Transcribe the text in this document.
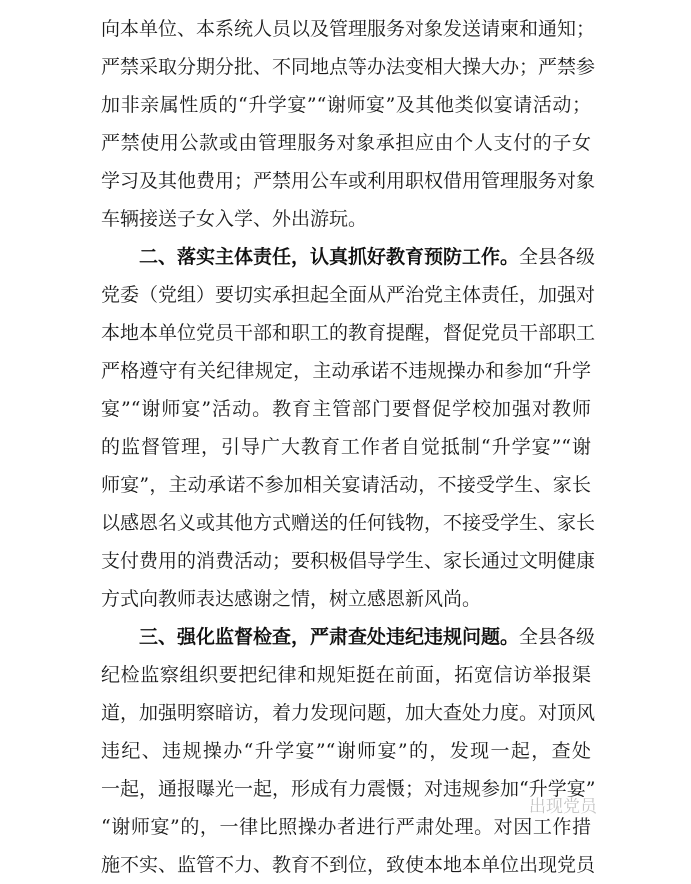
向本单位、本系统人员以及管理服务对象发送请柬和通知；
严禁采取分期分批、不同地点等办法变相大操大办；严禁参
加非亲属性质的“升学宴”“谢师宴”及其他类似宴请活动；
严禁使用公款或由管理服务对象承担应由个人支付的子女
学习及其他费用；严禁用公车或利用职权借用管理服务对象
车辆接送子女入学、外出游玩。
二、落实主体责任，认真抓好教育预防工作。全县各级
党委（党组）要切实承担起全面从严治党主体责任，加强对
本地本单位党员干部和职工的教育提醒，督促党员干部职工
严格遵守有关纪律规定，主动承诺不违规操办和参加“升学
宴”“谢师宴”活动。教育主管部门要督促学校加强对教师
的监督管理，引导广大教育工作者自觉抵制“升学宴”“谢
师宴”，主动承诺不参加相关宴请活动，不接受学生、家长
以感恩名义或其他方式赠送的任何钱物，不接受学生、家长
支付费用的消费活动；要积极倡导学生、家长通过文明健康
方式向教师表达感谢之情，树立感恩新风尚。
三、强化监督检查，严肃查处违纪违规问题。全县各级
纪检监察组织要把纪律和规矩挺在前面，拓宽信访举报渠
道，加强明察暗访，着力发现问题，加大查处力度。对顶风
违纪、违规操办“升学宴”“谢师宴”的，发现一起，查处
一起，通报曝光一起，形成有力震慑；对违规参加“升学宴”
“谢师宴”的，一律比照操办者进行严肃处理。对因工作措
施不实、监管不力、教育不到位，致使本地本单位出现党员
出现党员
